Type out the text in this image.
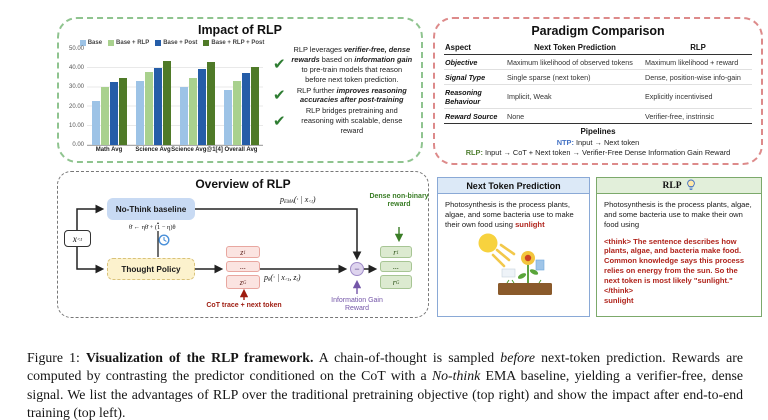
Impact of RLP
Base Base + RLP Base + Post Base + RLP + Post
50.00
40.00
30.00
20.00
10.00
0.00
Math Avg Science Avg Science Avg@1[4] Overall Avg
✔
RLP leverages verifier-free, dense rewards based on information gain to pre-train models that reason before next token prediction.
✔	RLP further improves reasoning accuracies after post-training
✔
RLP bridges pretraining and reasoning with scalable, dense reward
Paradigm Comparison
Aspect	Next Token Prediction	RLP
Objective	Maximum likelihood of observed tokens	Maximum likelihood + reward
Signal Type	Single sparse (next token)	Dense, position-wise info-gain
Reasoning Behaviour	Implicit, Weak	Explicitly incentivised
Reward Source	None	Verifier-free, instrinsic
Pipelines
NTP: Input → Next token
RLP: Input → CoT + Next token → Verifier-Free Dense Information Gain Reward
Overview of RLP
x <t
No-Think baseline
Thought Policy
θ̄ ← ηθ̄ + (1 − η)θ
z 1
...
z G
r 1
...
r G
−
pEMA(· | x<t)
pθ(· | x<t, zt)
Dense non-binary reward
Information Gain Reward
CoT trace + next token
Next Token Prediction
Photosynthesis is the process plants, algae, and some bacteria use to make their own food using sunlight
RLP
Photosynthesis is the process plants, algae, and some bacteria use to make their own food using
<think> The sentence describes how plants, algae, and bacteria make food. Common knowledge says this process relies on energy from the sun. So the next token is most likely "sunlight."</think>
sunlight

Figure 1: Visualization of the RLP framework. A chain-of-thought is sampled before next-token prediction. Rewards are computed by contrasting the predictor conditioned on the CoT with a No-think EMA baseline, yielding a verifier-free, dense signal. We list the advantages of RLP over the traditional pretraining objective (top right) and show the impact after end-to-end training (top left).
